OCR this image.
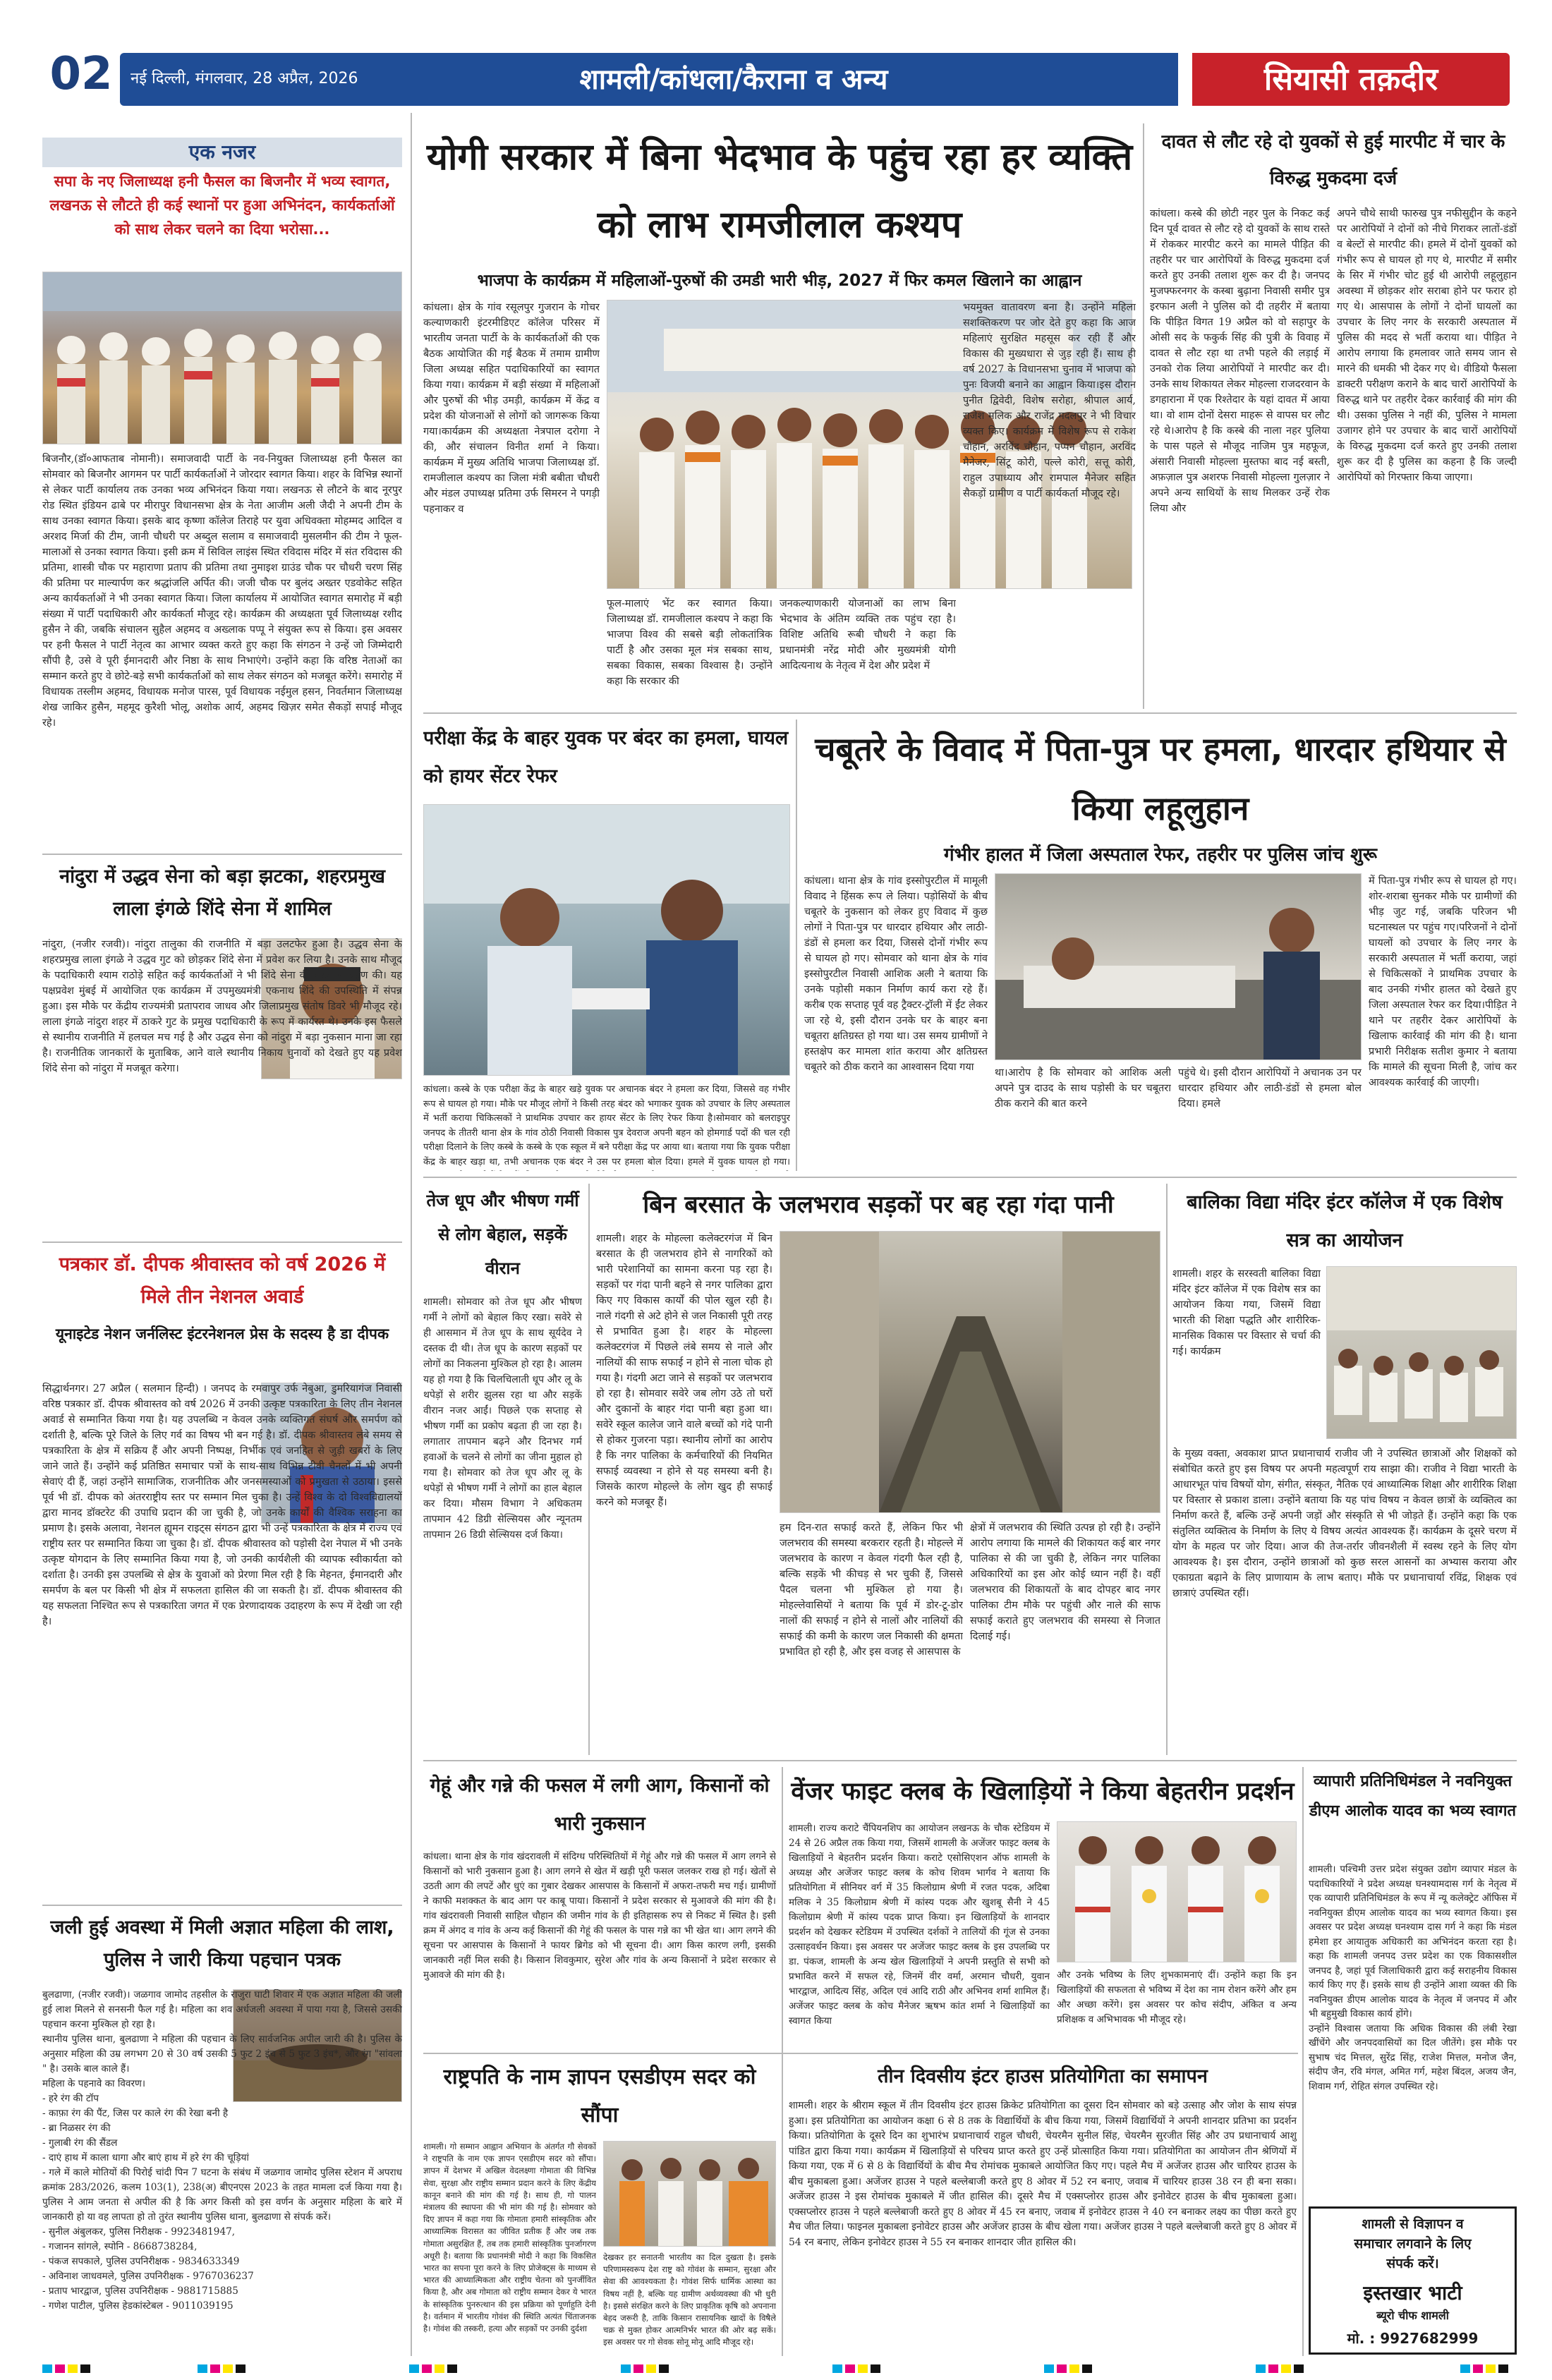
02	नई दिल्ली, मंगलवार, 28 अप्रैल, 2026	शामली/कांधला/कैराना व अन्य	सियासी तक़दीर
एक नजर
सपा के नए जिलाध्यक्ष हनी फैसल का बिजनौर में भव्य स्वागत, लखनऊ से लौटते ही कई स्थानों पर हुआ अभिनंदन, कार्यकर्ताओं को साथ लेकर चलने का दिया भरोसा...
बिजनौर,(डॉ०आफताब नोमानी)। समाजवादी पार्टी के नव-नियुक्त जिलाध्यक्ष हनी फैसल का सोमवार को बिजनौर आगमन पर पार्टी कार्यकर्ताओं ने जोरदार स्वागत किया। शहर के विभिन्न स्थानों से लेकर पार्टी कार्यालय तक उनका भव्य अभिनंदन किया गया। लखनऊ से लौटने के बाद नूरपुर रोड स्थित इंडियन ढाबे पर मीरापुर विधानसभा क्षेत्र के नेता आजीम अली जैदी ने अपनी टीम के साथ उनका स्वागत किया। इसके बाद कृष्णा कॉलेज तिराहे पर युवा अधिवक्ता मोहम्मद आदिल व अरशद मिर्जा की टीम, जानी चौधरी पर अब्दुल सलाम व समाजवादी मुसलमीन की टीम ने फूल-मालाओं से उनका स्वागत किया। इसी क्रम में सिविल लाइंस स्थित रविदास मंदिर में संत रविदास की प्रतिमा, शास्त्री चौक पर महाराणा प्रताप की प्रतिमा तथा नुमाइश ग्राउंड चौक पर चौधरी चरण सिंह की प्रतिमा पर माल्यार्पण कर श्रद्धांजलि अर्पित की। जजी चौक पर बुलंद अख्तर एडवोकेट सहित अन्य कार्यकर्ताओं ने भी उनका स्वागत किया। जिला कार्यालय में आयोजित स्वागत समारोह में बड़ी संख्या में पार्टी पदाधिकारी और कार्यकर्ता मौजूद रहे। कार्यक्रम की अध्यक्षता पूर्व जिलाध्यक्ष रशीद हुसैन ने की, जबकि संचालन सुहैल अहमद व अख्लाक पप्पू ने संयुक्त रूप से किया। इस अवसर पर हनी फैसल ने पार्टी नेतृत्व का आभार व्यक्त करते हुए कहा कि संगठन ने उन्हें जो जिम्मेदारी सौंपी है, उसे वे पूरी ईमानदारी और निष्ठा के साथ निभाएंगे। उन्होंने कहा कि वरिष्ठ नेताओं का सम्मान करते हुए वे छोटे-बड़े सभी कार्यकर्ताओं को साथ लेकर संगठन को मजबूत करेंगे। समारोह में विधायक तस्लीम अहमद, विधायक मनोज पारस, पूर्व विधायक नईमुल हसन, निवर्तमान जिलाध्यक्ष शेख जाकिर हुसैन, महमूद कुरैशी भोलू, अशोक आर्य, अहमद खिज़र समेत सैकड़ों सपाई मौजूद रहे।
नांदुरा में उद्धव सेना को बड़ा झटका, शहरप्रमुख लाला इंगळे शिंदे सेना में शामिल
नांदुरा, (नजीर रजवी)। नांदुरा तालुका की राजनीति में बड़ा उलटफेर हुआ है। उद्धव सेना के शहरप्रमुख लाला इंगळे ने उद्धव गुट को छोड़कर शिंदे सेना में प्रवेश कर लिया है। उनके साथ मौजूद के पदाधिकारी श्याम राठोड़े सहित कई कार्यकर्ताओं ने भी शिंदे सेना की सदस्यता ग्रहण की। यह पक्षप्रवेश मुंबई में आयोजित एक कार्यक्रम में उपमुख्यमंत्री एकनाथ शिंदे की उपस्थिति में संपन्न हुआ। इस मौके पर केंद्रीय राज्यमंत्री प्रतापराव जाधव और जिलाप्रमुख संतोष डिवरे भी मौजूद रहे। लाला इंगळे नांदुरा शहर में ठाकरे गुट के प्रमुख पदाधिकारी के रूप में कार्यरत थे। उनके इस फैसले से स्थानीय राजनीति में हलचल मच गई है और उद्धव सेना को नांदुरा में बड़ा नुकसान माना जा रहा है। राजनीतिक जानकारों के मुताबिक, आने वाले स्थानीय निकाय चुनावों को देखते हुए यह प्रवेश शिंदे सेना को नांदुरा में मजबूत करेगा।
पत्रकार डॉ. दीपक श्रीवास्तव को वर्ष 2026 में मिले तीन नेशनल अवार्ड
यूनाइटेड नेशन जर्नलिस्ट इंटरनेशनल प्रेस के सदस्य है डा दीपक
सिद्धार्थनगर। 27 अप्रैल ( सलमान हिन्दी) । जनपद के रमवापुर उर्फ नेबुआ, डुमरियागंज निवासी वरिष्ठ पत्रकार डॉ. दीपक श्रीवास्तव को वर्ष 2026 में उनकी उत्कृष्ट पत्रकारिता के लिए तीन नेशनल अवार्ड से सम्मानित किया गया है। यह उपलब्धि न केवल उनके व्यक्तिगत संघर्ष और समर्पण को दर्शाती है, बल्कि पूरे जिले के लिए गर्व का विषय भी बन गई है। डॉ. दीपक श्रीवास्तव लंबे समय से पत्रकारिता के क्षेत्र में सक्रिय हैं और अपनी निष्पक्ष, निर्भीक एवं जनहित से जुड़ी खबरों के लिए जाने जाते हैं। उन्होंने कई प्रतिष्ठित समाचार पत्रों के साथ-साथ विभिन्न टीवी चैनलों में भी अपनी सेवाएं दी हैं, जहां उन्होंने सामाजिक, राजनीतिक और जनसमस्याओं को प्रमुखता से उठाया। इससे पूर्व भी डॉ. दीपक को अंतरराष्ट्रीय स्तर पर सम्मान मिल चुका है। उन्हें विश्व के दो विश्वविद्यालयों द्वारा मानद डॉक्टरेट की उपाधि प्रदान की जा चुकी है, जो उनके कार्यों की वैश्विक सराहना का प्रमाण है। इसके अलावा, नेशनल ह्यूमन राइट्स संगठन द्वारा भी उन्हें पत्रकारिता के क्षेत्र में राज्य एवं राष्ट्रीय स्तर पर सम्मानित किया जा चुका है। डॉ. दीपक श्रीवास्तव को पड़ोसी देश नेपाल में भी उनके उत्कृष्ट योगदान के लिए सम्मानित किया गया है, जो उनकी कार्यशैली की व्यापक स्वीकार्यता को दर्शाता है। उनकी इस उपलब्धि से क्षेत्र के युवाओं को प्रेरणा मिल रही है कि मेहनत, ईमानदारी और समर्पण के बल पर किसी भी क्षेत्र में सफलता हासिल की जा सकती है। डॉ. दीपक श्रीवास्तव की यह सफलता निश्चित रूप से पत्रकारिता जगत में एक प्रेरणादायक उदाहरण के रूप में देखी जा रही है।
जली हुई अवस्था में मिली अज्ञात महिला की लाश, पुलिस ने जारी किया पहचान पत्रक
बुलढाणा, (नजीर रजवी)। जळगाव जामोद तहसील के राजुरा घाटी शिवार में एक अज्ञात महिला की जली हुई लाश मिलने से सनसनी फैल गई है। महिला का शव अर्धजली अवस्था में पाया गया है, जिससे उसकी पहचान करना मुश्किल हो रहा है।
स्थानीय पुलिस थाना, बुलढाणा ने महिला की पहचान के लिए सार्वजनिक अपील जारी की है। पुलिस के अनुसार महिला की उम्र लगभग 20 से 30 वर्ष उसकी 5 फुट 2 इंच से 5 फुट 3 इंच*, और रंग "सांवला " है। उसके बाल काले हैं।
महिला के पहनावे का विवरण।
- हरे रंग की टॉप
- काफ़ा रंग की पैंट, जिस पर काले रंग की रेखा बनी है
- ब्रा निळसर रंग की
- गुलाबी रंग की सैंडल
- दाएं हाथ में काला धागा और बाएं हाथ में हरे रंग की चूड़ियां
- गले में काले मोतियों की पिरोई चांदी पिन 7 घटना के संबंध में जळगाव जामोद पुलिस स्टेशन में अपराध क्रमांक 283/2026, कलम 103(1), 238(अ) बीएनएस 2023 के तहत मामला दर्ज किया गया है। पुलिस ने आम जनता से अपील की है कि अगर किसी को इस वर्णन के अनुसार महिला के बारे में जानकारी हो या वह लापता हो तो तुरंत स्थानीय पुलिस थाना, बुलढाणा से संपर्क करें।
- सुनील अंबुलकर, पुलिस निरीक्षक - 9923481947,
- गजानन सांगले, स्पोनि - 8668738284,
- पंकज सपकाले, पुलिस उपनिरीक्षक - 9834633349
- अविनाश जाधवमले, पुलिस उपनिरीक्षक - 9767036237
- प्रताप भारद्वाज, पुलिस उपनिरीक्षक - 9881715885
- गणेश पाटील, पुलिस हेडकांस्टेबल - 9011039195
योगी सरकार में बिना भेदभाव के पहुंच रहा हर व्यक्ति को लाभ रामजीलाल कश्यप
भाजपा के कार्यक्रम में महिलाओं-पुरुषों की उमडी भारी भीड़, 2027 में फिर कमल खिलाने का आह्वान
कांधला। क्षेत्र के गांव रसूलपुर गुजरान के गोचर कल्याणकारी इंटरमीडिएट कॉलेज परिसर में भारतीय जनता पार्टी के के कार्यकर्ताओं की एक बैठक आयोजित की गई बैठक में तमाम ग्रामीण जिला अध्यक्ष सहित पदाधिकारियों का स्वागत किया गया। कार्यक्रम में बड़ी संख्या में महिलाओं और पुरुषों की भीड़ उमड़ी, कार्यक्रम में केंद्र व प्रदेश की योजनाओं से लोगों को जागरूक किया गया।कार्यक्रम की अध्यक्षता नेत्रपाल दरोगा ने की, और संचालन विनीत शर्मा ने किया। कार्यक्रम में मुख्य अतिथि भाजपा जिलाध्यक्ष डॉ. रामजीलाल कश्यप का जिला मंत्री बबीता चौधरी और मंडल उपाध्यक्ष प्रतिमा उर्फ सिमरन ने पगड़ी पहनाकर व
फूल-मालाएं भेंट कर स्वागत किया। जिलाध्यक्ष डॉ. रामजीलाल कश्यप ने कहा कि भाजपा विश्व की सबसे बड़ी लोकतांत्रिक पार्टी है और उसका मूल मंत्र सबका साथ, सबका विकास, सबका विश्वास है। उन्होंने कहा कि सरकार की
जनकल्याणकारी योजनाओं का लाभ बिना भेदभाव के अंतिम व्यक्ति तक पहुंच रहा है।विशिष्ट अतिथि रूबी चौधरी ने कहा कि प्रधानमंत्री नरेंद्र मोदी और मुख्यमंत्री योगी आदित्यनाथ के नेतृत्व में देश और प्रदेश में
भयमुक्त वातावरण बना है। उन्होंने महिला सशक्तिकरण पर जोर देते हुए कहा कि आज महिलाएं सुरक्षित महसूस कर रही हैं और विकास की मुख्यधारा से जुड़ रही हैं। साथ ही वर्ष 2027 के विधानसभा चुनाव में भाजपा को पुनः विजयी बनाने का आह्वान किया।इस दौरान पुनीत द्विवेदी, विशेष सरोहा, श्रीपाल आर्य, राजेश मलिक और राजेंद्र मदलपुर ने भी विचार व्यक्त किए। कार्यक्रम में विशेष रूप से राकेश चौहान, अरविंद चौहान, पप्पन चौहान, अरविंद मैनेजर, सिंटू कोरी, पल्ले कोरी, सत्तू कोरी, राहुल उपाध्याय और रामपाल मैनेजर सहित सैकड़ों ग्रामीण व पार्टी कार्यकर्ता मौजूद रहे।
दावत से लौट रहे दो युवकों से हुई मारपीट में चार के विरुद्ध मुकदमा दर्ज
कांधला। कस्बे की छोटी नहर पुल के निकट कई दिन पूर्व दावत से लौट रहे दो युवकों के साथ रास्ते में रोककर मारपीट करने का मामले पीड़ित की तहरीर पर चार आरोपियों के विरुद्ध मुकदमा दर्ज करते हुए उनकी तलाश शुरू कर दी है। जनपद मुजफ्फरनगर के कस्बा बुढ़ाना निवासी समीर पुत्र इरफान अली ने पुलिस को दी तहरीर में बताया कि पीड़ित विगत 19 अप्रैल को वो सहापुर के ओसी सद के फकुर्क सिंह की पुत्री के विवाह में दावत से लौट रहा था तभी पहले की लड़ाई में उनको रोक लिया आरोपियों ने मारपीट कर दी। उनके साथ शिकायत लेकर मोहल्ला राजदरवान के डगहाराना में एक रिश्तेदार के यहां दावत में आया था। वो शाम दोनों देसरा माहरू से वापस घर लौट रहे थे।आरोप है कि कस्बे की नाला नहर पुलिया के पास पहले से मौजूद नाजिम पुत्र महफूज, अंसारी निवासी मोहल्ला मुस्तफा बाद नई बस्ती, अफ़ज़ाल पुत्र अशरफ निवासी मोहल्ला गुलज़ार ने अपने अन्य साथियों के साथ मिलकर उन्हें रोक लिया और
अपने चौथे साथी फारुख पुत्र नफीसुद्दीन के कहने पर आरोपियों ने दोनों को नीचे गिराकर लातों-डंडों व बेल्टों से मारपीट की। हमले में दोनों युवकों को गंभीर रूप से घायल हो गए थे, मारपीट में समीर के सिर में गंभीर चोट हुई थी आरोपी लहूलुहान अवस्था में छोड़कर शोर सराबा होने पर फरार हो गए थे। आसपास के लोगों ने दोनों घायलों का उपचार के लिए नगर के सरकारी अस्पताल में पुलिस की मदद से भर्ती कराया था। पीड़ित ने आरोप लगाया कि हमलावर जाते समय जान से मारने की धमकी भी देकर गए थे। वीडियो फैसला डाक्टरी परीक्षण कराने के बाद चारों आरोपियों के विरुद्ध थाने पर तहरीर देकर कार्रवाई की मांग की थी। उसका पुलिस ने नहीं की, पुलिस ने मामला उजागर होने पर उपचार के बाद चारों आरोपियों के विरुद्ध मुकदमा दर्ज करते हुए उनकी तलाश शुरू कर दी है पुलिस का कहना है कि जल्दी आरोपियों को गिरफ्तार किया जाएगा।
परीक्षा केंद्र के बाहर युवक पर बंदर का हमला, घायल को हायर सेंटर रेफर
कांधला। कस्बे के एक परीक्षा केंद्र के बाहर खड़े युवक पर अचानक बंदर ने हमला कर दिया, जिससे वह गंभीर रूप से घायल हो गया। मौके पर मौजूद लोगों ने किसी तरह बंदर को भगाकर युवक को उपचार के लिए अस्पताल में भर्ती कराया चिकित्सकों ने प्राथमिक उपचार कर हायर सेंटर के लिए रेफर किया है।सोमवार को बलराइपुर जनपद के तीतरी थाना क्षेत्र के गांव ठोठी निवासी विकास पुत्र देवराज अपनी बहन को होमगार्ड पदों की चल रही परीक्षा दिलाने के लिए कस्बे के कस्बे के एक स्कूल में बने परीक्षा केंद्र पर आया था। बताया गया कि युवक परीक्षा केंद्र के बाहर खड़ा था, तभी अचानक एक बंदर ने उस पर हमला बोल दिया। हमले में युवक घायल हो गया।
चबूतरे के विवाद में पिता-पुत्र पर हमला, धारदार हथियार से किया लहूलुहान
गंभीर हालत में जिला अस्पताल रेफर, तहरीर पर पुलिस जांच शुरू
कांधला। थाना क्षेत्र के गांव इस्सोपुरटील में मामूली विवाद ने हिंसक रूप ले लिया। पड़ोसियों के बीच चबूतरे के नुकसान को लेकर हुए विवाद में कुछ लोगों ने पिता-पुत्र पर धारदार हथियार और लाठी-डंडों से हमला कर दिया, जिससे दोनों गंभीर रूप से घायल हो गए। सोमवार को थाना क्षेत्र के गांव इस्सोपुरटील निवासी आशिक अली ने बताया कि उनके पड़ोसी मकान निर्माण कार्य करा रहे हैं। करीब एक सप्ताह पूर्व वह ट्रैक्टर-ट्रॉली में ईंट लेकर जा रहे थे, इसी दौरान उनके घर के बाहर बना चबूतरा क्षतिग्रस्त हो गया था। उस समय ग्रामीणों ने हस्तक्षेप कर मामला शांत कराया और क्षतिग्रस्त चबूतरे को ठीक कराने का आश्वासन दिया गया	था।आरोप है कि सोमवार को आशिक अली अपने पुत्र दाउद के साथ पड़ोसी के घर चबूतरा ठीक कराने की बात करने
पहुंचे थे। इसी दौरान आरोपियों ने अचानक उन पर धारदार हथियार और लाठी-डंडों से हमला बोल दिया। हमले
में पिता-पुत्र गंभीर रूप से घायल हो गए। शोर-शराबा सुनकर मौके पर ग्रामीणों की भीड़ जुट गई, जबकि परिजन भी घटनास्थल पर पहुंच गए।परिजनों ने दोनों घायलों को उपचार के लिए नगर के सरकारी अस्पताल में भर्ती कराया, जहां से चिकित्सकों ने प्राथमिक उपचार के बाद उनकी गंभीर हालत को देखते हुए जिला अस्पताल रेफर कर दिया।पीड़ित ने थाने पर तहरीर देकर आरोपियों के खिलाफ कार्रवाई की मांग की है। थाना प्रभारी निरीक्षक सतीश कुमार ने बताया कि मामले की सूचना मिली है, जांच कर आवश्यक कार्रवाई की जाएगी।
तेज धूप और भीषण गर्मी से लोग बेहाल, सड़कें वीरान
शामली। सोमवार को तेज धूप और भीषण गर्मी ने लोगों को बेहाल किए रखा। सवेरे से ही आसमान में तेज धूप के साथ सूर्यदेव ने दस्तक दी थी। तेज धूप के कारण सड़कों पर लोगों का निकलना मुश्किल हो रहा है। आलम यह हो गया है कि चिलचिलाती धूप और लू के थपेड़ों से शरीर झुलस रहा था और सड़कें वीरान नजर आईं। पिछले एक सप्ताह से भीषण गर्मी का प्रकोप बढ़ता ही जा रहा है। लगातार तापमान बढ़ने और दिनभर गर्म हवाओं के चलने से लोगों का जीना मुहाल हो गया है। सोमवार को तेज धूप और लू के थपेड़ों से भीषण गर्मी ने लोगों का हाल बेहाल कर दिया। मौसम विभाग ने अधिकतम तापमान 42 डिग्री सेल्सियस और न्यूनतम तापमान 26 डिग्री सेल्सियस दर्ज किया।
बिन बरसात के जलभराव सड़कों पर बह रहा गंदा पानी
शामली। शहर के मोहल्ला कलेक्टरगंज में बिन बरसात के ही जलभराव होने से नागरिकों को भारी परेशानियों का सामना करना पड़ रहा है। सड़कों पर गंदा पानी बहने से नगर पालिका द्वारा किए गए विकास कार्यों की पोल खुल रही है। नाले गंदगी से अटे होने से जल निकासी पूरी तरह से प्रभावित हुआ है। शहर के मोहल्ला कलेक्टरगंज में पिछले लंबे समय से नाले और नालियों की साफ सफाई न होने से नाला चोक हो गया है। गंदगी अटा जाने से सड़कों पर जलभराव हो रहा है। सोमवार सवेरे जब लोग उठे तो घरों और दुकानों के बाहर गंदा पानी बहा हुआ था। सवेरे स्कूल कालेज जाने वाले बच्चों को गंदे पानी से होकर गुजरना पड़ा। स्थानीय लोगों का आरोप है कि नगर पालिका के कर्मचारियों की नियमित सफाई व्यवस्था न होने से यह समस्या बनी है। जिसके कारण मोहल्ले के लोग खुद ही सफाई करने को मजबूर हैं।
हम दिन-रात सफाई करते हैं, लेकिन फिर भी जलभराव की समस्या बरकरार रहती है। मोहल्ले में जलभराव के कारण न केवल गंदगी फैल रही है, बल्कि सड़कें भी कीचड़ से भर चुकी हैं, जिससे पैदल चलना भी मुश्किल हो गया है। मोहल्लेवासियों ने बताया कि पूर्व में डोर-टू-डोर नालों की सफाई न होने से नालों और नालियों की सफाई की कमी के कारण जल निकासी की क्षमता प्रभावित हो रही है, और इस वजह से आसपास के
क्षेत्रों में जलभराव की स्थिति उत्पन्न हो रही है। उन्होंने आरोप लगाया कि मामले की शिकायत कई बार नगर पालिका से की जा चुकी है, लेकिन नगर पालिका अधिकारियों का इस ओर कोई ध्यान नहीं है। वहीं जलभराव की शिकायतों के बाद दोपहर बाद नगर पालिका टीम मौके पर पहुंची और नाले की साफ सफाई कराते हुए जलभराव की समस्या से निजात दिलाई गई।
बालिका विद्या मंदिर इंटर कॉलेज में एक विशेष सत्र का आयोजन
शामली। शहर के सरस्वती बालिका विद्या मंदिर इंटर कॉलेज में एक विशेष सत्र का आयोजन किया गया, जिसमें विद्या भारती की शिक्षा पद्धति और शारीरिक-मानसिक विकास पर विस्तार से चर्चा की गई। कार्यक्रम
के मुख्य वक्ता, अवकाश प्राप्त प्रधानाचार्य राजीव जी ने उपस्थित छात्राओं और शिक्षकों को संबोधित करते हुए इस विषय पर अपनी महत्वपूर्ण राय साझा की। राजीव ने विद्या भारती के आधारभूत पांच विषयों योग, संगीत, संस्कृत, नैतिक एवं आध्यात्मिक शिक्षा और शारीरिक शिक्षा पर विस्तार से प्रकाश डाला। उन्होंने बताया कि यह पांच विषय न केवल छात्रों के व्यक्तित्व का निर्माण करते हैं, बल्कि उन्हें अपनी जड़ों और संस्कृति से भी जोड़ते हैं। उन्होंने कहा कि एक संतुलित व्यक्तित्व के निर्माण के लिए ये विषय अत्यंत आवश्यक हैं। कार्यक्रम के दूसरे चरण में योग के महत्व पर जोर दिया। आज की तेज-तर्रार जीवनशैली में स्वस्थ रहने के लिए योग आवश्यक है। इस दौरान, उन्होंने छात्राओं को कुछ सरल आसनों का अभ्यास कराया और एकाग्रता बढ़ाने के लिए प्राणायाम के लाभ बताए। मौके पर प्रधानाचार्या रविंद्र, शिक्षक एवं छात्राएं उपस्थित रहीं।
गेहूं और गन्ने की फसल में लगी आग, किसानों को भारी नुकसान
कांधला। थाना क्षेत्र के गांव खंदरावली में संदिग्ध परिस्थितियों में गेहूं और गन्ने की फसल में आग लगने से किसानों को भारी नुकसान हुआ है। आग लगने से खेत में खड़ी पूरी फसल जलकर राख हो गई। खेतों से उठती आग की लपटें और धुएं का गुबार देखकर आसपास के किसानों में अफरा-तफरी मच गई। ग्रामीणों ने काफी मशक्कत के बाद आग पर काबू पाया। किसानों ने प्रदेश सरकार से मुआवजे की मांग की है। गांव खंदरावली निवासी साहिल चौहान की जमीन गांव के ही इतिहासक रुप से निकट में स्थित है। इसी क्रम में अंगद व गांव के अन्य कई किसानों की गेहूं की फसल के पास गन्ने का भी खेत था। आग लगने की सूचना पर आसपास के किसानों ने फायर ब्रिगेड को भी सूचना दी। आग किस कारण लगी, इसकी जानकारी नहीं मिल सकी है। किसान शिवकुमार, सुरेश और गांव के अन्य किसानों ने प्रदेश सरकार से मुआवजे की मांग की है।
वेंजर फाइट क्लब के खिलाड़ियों ने किया बेहतरीन प्रदर्शन
शामली। राज्य कराटे चैंपियनशिप का आयोजन लखनऊ के चौक स्टेडियम में 24 से 26 अप्रैल तक किया गया, जिसमें शामली के अजेंजर फाइट क्लब के खिलाड़ियों ने बेहतरीन प्रदर्शन किया। कराटे एसोसिएशन ऑफ शामली के अध्यक्ष और अजेंजर फाइट क्लब के कोच शिवम भार्गव ने बताया कि प्रतियोगिता में सीनियर वर्ग में 35 किलोग्राम श्रेणी में रजत पदक, अदिबा मलिक ने 35 किलोग्राम श्रेणी में कांस्य पदक और खुशबू सैनी ने 45 किलोग्राम श्रेणी में कांस्य पदक प्राप्त किया। इन खिलाड़ियों के शानदार प्रदर्शन को देखकर स्टेडियम में उपस्थित दर्शकों ने तालियों की गूंज से उनका उत्साहवर्धन किया। इस अवसर पर अजेंजर फाइट क्लब के इस उपलब्धि पर डा. पंकज, शामली के अन्य खेल खिलाड़ियों ने अपनी प्रस्तुति से सभी को प्रभावित करने में सफल रहे, जिनमें वीर वर्मा, अरमान चौधरी, युवान भारद्वाज, आदित्य सिंह, अदिल एवं आदि राठी और अभिनव शर्मा शामिल हैं। अजेंजर फाइट क्लब के कोच मैनेजर ऋषभ कांत शर्मा ने खिलाड़ियों का स्वागत किया
और उनके भविष्य के लिए शुभकामनाएं दीं। उन्होंने कहा कि इन खिलाड़ियों की सफलता से भविष्य में देश का नाम रोशन करेंगे और हम और अच्छा करेंगे। इस अवसर पर कोच संदीप, अंकित व अन्य प्रशिक्षक व अभिभावक भी मौजूद रहे।
राष्ट्रपति के नाम ज्ञापन एसडीएम सदर को सौंपा
शामली। गो सम्मान आह्वान अभियान के अंतर्गत गौ सेवकों ने राष्ट्रपति के नाम एक ज्ञापन एसडीएम सदर को सौंपा। ज्ञापन में देशभर में अखिल वेदलक्ष्णा गोमाता की विभिन्न सेवा, सुरक्षा और राष्ट्रीय सम्मान प्रदान करने के लिए केंद्रीय कानून बनाने की मांग की गई है। साथ ही, गो पालन मंत्रालय की स्थापना की भी मांग की गई है। सोमवार को दिए ज्ञापन में कहा गया कि गोमाता हमारी सांस्कृतिक और आध्यात्मिक विरासत का जीवित प्रतीक हैं और जब तक गोमाता असुरक्षित हैं, तब तक हमारी सांस्कृतिक पुनर्जागरण अधूरी है। बताया कि प्रधानमंत्री मोदी ने कहा कि विकसित भारत का सपना पूरा करने के लिए प्रोजेक्ट्स के माध्यम से भारत की आध्यात्मिकता और राष्ट्रीय चेतना को पुनर्जीवित किया है, और अब गोमाता को राष्ट्रीय सम्मान देकर ये भारत के सांस्कृतिक पुनरुत्थान की इस प्रक्रिया को पूर्णाहुति देनी है। वर्तमान में भारतीय गोवंश की स्थिति अत्यंत चिंताजनक है। गोवंश की तस्करी, हत्या और सड़कों पर उनकी दुर्दशा
देखकर हर सनातनी भारतीय का दिल दुखता है। इसके परिणामस्वरूप देश राष्ट्र को गोवंश के सम्मान, सुरक्षा और सेवा की आवश्यकता है। गोवंश सिर्फ धार्मिक आस्था का विषय नहीं है, बल्कि यह ग्रामीण अर्थव्यवस्था की भी धुरी है। इससे संरक्षित करने के लिए प्राकृतिक कृषि को अपनाना बेहद जरूरी है, ताकि किसान रासायनिक खादों के विषैले चक्र से मुक्त होकर आत्मनिर्भर भारत की ओर बढ़ सकें। इस अवसर पर गो सेवक सोनू मोनू आदि मौजूद रहे।
तीन दिवसीय इंटर हाउस प्रतियोगिता का समापन
शामली। शहर के श्रीराम स्कूल में तीन दिवसीय इंटर हाउस क्रिकेट प्रतियोगिता का दूसरा दिन सोमवार को बड़े उत्साह और जोश के साथ संपन्न हुआ। इस प्रतियोगिता का आयोजन कक्षा 6 से 8 तक के विद्यार्थियों के बीच किया गया, जिसमें विद्यार्थियों ने अपनी शानदार प्रतिभा का प्रदर्शन किया। प्रतियोगिता के दूसरे दिन का शुभारंभ प्रधानाचार्य राहुल चौधरी, चेयरमैन सुनील सिंह, चेयरमैन सुरजीत सिंह और उप प्रधानाचार्य आशु पांडित द्वारा किया गया। कार्यक्रम में खिलाड़ियों से परिचय प्राप्त करते हुए उन्हें प्रोत्साहित किया गया। प्रतियोगिता का आयोजन तीन श्रेणियों में किया गया, एक में 6 से 8 के विद्यार्थियों के बीच मैच रोमांचक मुकाबले आयोजित किए गए। पहले मैच में अजेंजर हाउस और चारियर हाउस के बीच मुकाबला हुआ। अजेंजर हाउस ने पहले बल्लेबाजी करते हुए 8 ओवर में 52 रन बनाए, जवाब में चारियर हाउस 38 रन ही बना सका। अजेंजर हाउस ने इस रोमांचक मुकाबले में जीत हासिल की। दूसरे मैच में एक्सप्लोरर हाउस और इनोवेटर हाउस के बीच मुकाबला हुआ। एक्सप्लोरर हाउस ने पहले बल्लेबाजी करते हुए 8 ओवर में 45 रन बनाए, जवाब में इनोवेटर हाउस ने 40 रन बनाकर लक्ष्य का पीछा करते हुए मैच जीत लिया। फाइनल मुकाबला इनोवेटर हाउस और अजेंजर हाउस के बीच खेला गया। अजेंजर हाउस ने पहले बल्लेबाजी करते हुए 8 ओवर में 54 रन बनाए, लेकिन इनोवेटर हाउस ने 55 रन बनाकर शानदार जीत हासिल की।
व्यापारी प्रतिनिधिमंडल ने नवनियुक्त डीएम आलोक यादव का भव्य स्वागत
शामली। पश्चिमी उत्तर प्रदेश संयुक्त उद्योग व्यापार मंडल के पदाधिकारियों ने प्रदेश अध्यक्ष घनश्यामदास गर्ग के नेतृत्व में एक व्यापारी प्रतिनिधिमंडल के रूप में न्यू कलेक्ट्रेट ऑफिस में नवनियुक्त डीएम आलोक यादव का भव्य स्वागत किया। इस अवसर पर प्रदेश अध्यक्ष घनश्याम दास गर्ग ने कहा कि मंडल हमेशा हर आयातुक अधिकारी का अभिनंदन करता रहा है। कहा कि शामली जनपद उत्तर प्रदेश का एक विकासशील जनपद है, जहां पूर्व जिलाधिकारी द्वारा कई सराहनीय विकास कार्य किए गए हैं। इसके साथ ही उन्होंने आशा व्यक्त की कि नवनियुक्त डीएम आलोक यादव के नेतृत्व में जनपद में और भी बहुमुखी विकास कार्य होंगे।
उन्होंने विश्वास जताया कि अधिक विकास की लंबी रेखा खींचेंगे और जनपदवासियों का दिल जीतेंगे। इस मौके पर सुभाष चंद मित्तल, सुरेंद्र सिंह, राजेश मित्तल, मनोज जैन, संदीप जैन, रवि मंगल, अमित गर्ग, महेश बिंदल, अजय जैन, शिवाम गर्ग, रोहित संगल उपस्थित रहे।
शामली से विज्ञापन व
समाचार लगवाने के लिए
संपर्क करें।
इस्तखार भाटी
ब्यूरो चीफ शामली
मो. : 9927682999
